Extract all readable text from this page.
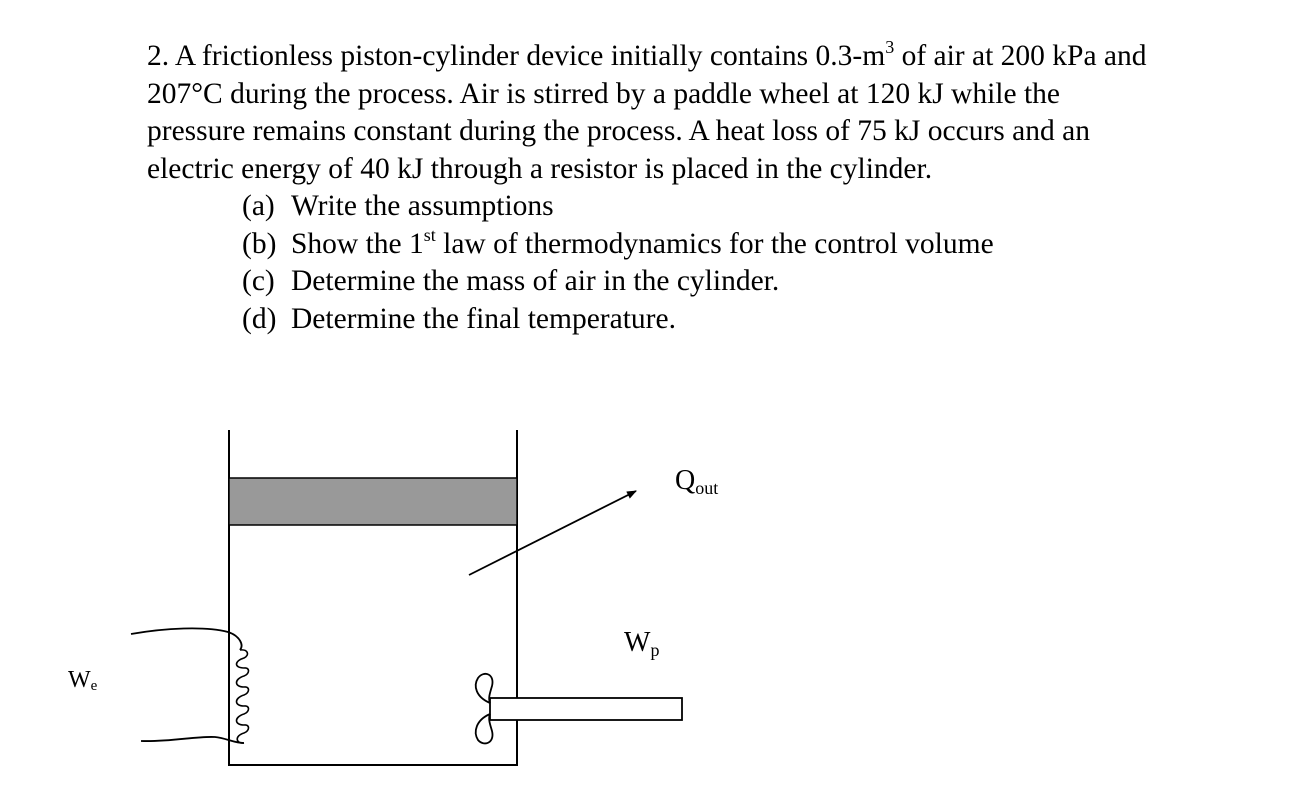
2. A frictionless piston-cylinder device initially contains $0.3-m^3$ of air at 200 kPa and
207°C during the process. Air is stirred by a paddle wheel at 120 kJ while the
pressure remains constant during the process. A heat loss of 75 kJ occurs and an
electric energy of 40 kJ through a resistor is placed in the cylinder.

(a) Write the assumptions
(b) Show the 1st law of thermodynamics for the control volume
(c) Determine the mass of air in the cylinder.
(d) Determine the final temperature.
$Q_{out}$
$W_p$
$W_e$
